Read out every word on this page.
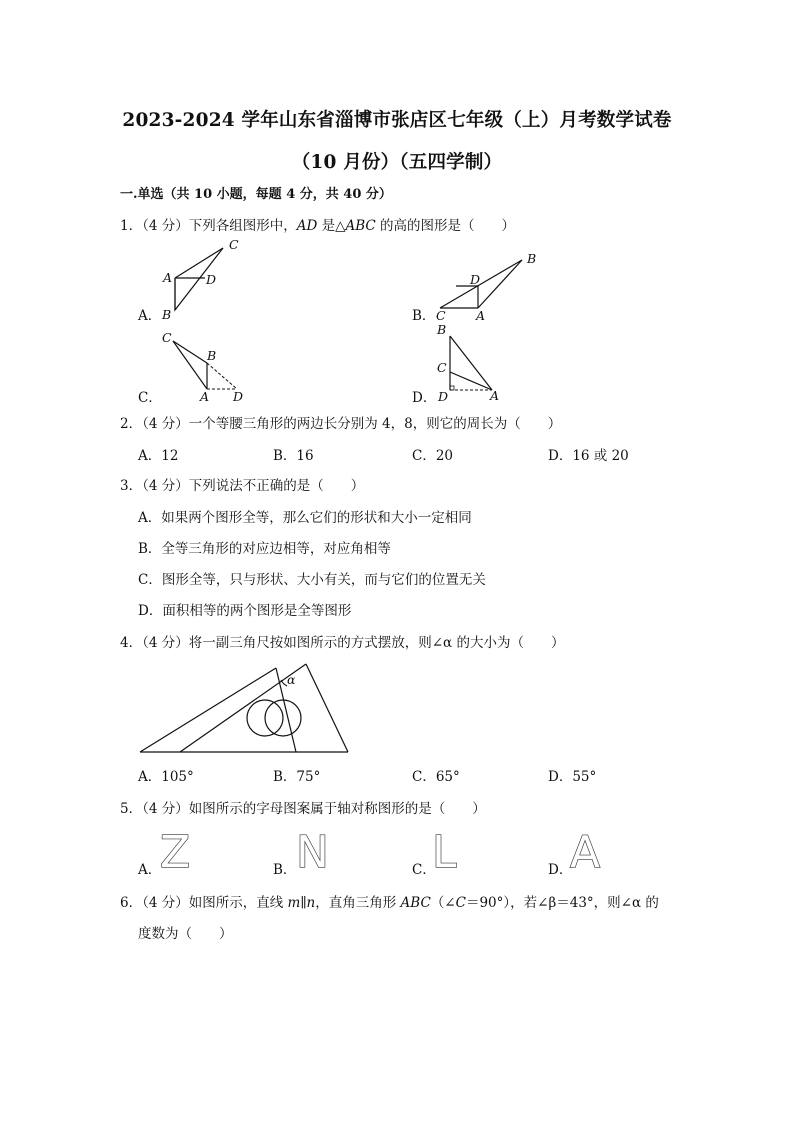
2023-2024 学年山东省淄博市张店区七年级（上）月考数学试卷
（10 月份）（五四学制）
一.单选（共 10 小题，每题 4 分，共 40 分）
1．（4 分）下列各组图形中，AD 是△ABC 的高的图形是（　　）
A．
C
A	D
B	B．
B
D
A
C
C．
C
B
A D	D．
B
C
D	A
2．（4 分）一个等腰三角形的两边长分别为 4，8，则它的周长为（　　）
A．12	B．16	C．20	D．16 或 20
3．（4 分）下列说法不正确的是（　　）
A．如果两个图形全等，那么它们的形状和大小一定相同
B．全等三角形的对应边相等，对应角相等
C．图形全等，只与形状、大小有关，而与它们的位置无关
D．面积相等的两个图形是全等图形
4．（4 分）将一副三角尺按如图所示的方式摆放，则∠α 的大小为（　　）
α
A．105°	B．75°	C．65°	D．55°
5．（4 分）如图所示的字母图案属于轴对称图形的是（　　）
A．
Z	B． N	C．
L	D．
A
6．（4 分）如图所示，直线 m∥n，直角三角形 ABC（∠C＝90°），若∠β＝43°，则∠α 的
度数为（　　）
